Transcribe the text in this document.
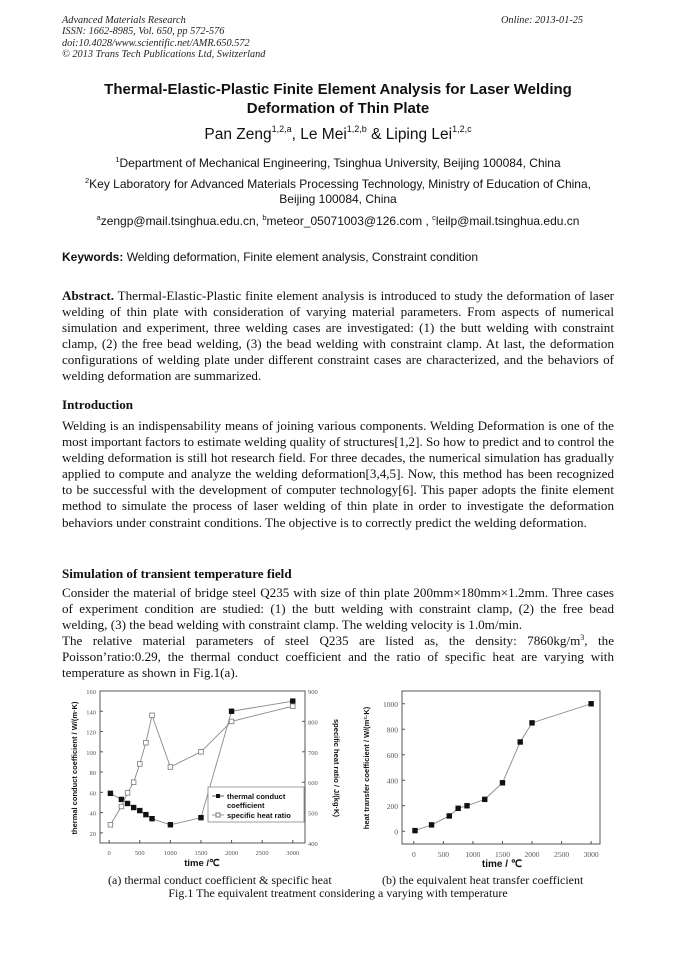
Advanced Materials Research
ISSN: 1662-8985, Vol. 650, pp 572-576
doi:10.4028/www.scientific.net/AMR.650.572
© 2013 Trans Tech Publications Ltd, Switzerland
Online: 2013-01-25
Thermal-Elastic-Plastic Finite Element Analysis for Laser Welding
Deformation of Thin Plate
Pan Zeng$^{1,2,a}$, Le Mei$^{1,2,b}$ & Liping Lei$^{1,2,c}$
$^1$Department of Mechanical Engineering, Tsinghua University, Beijing 100084, China
$^2$Key Laboratory for Advanced Materials Processing Technology, Ministry of Education of China,
Beijing 100084, China
$^a$zengp@mail.tsinghua.edu.cn, $^b$meteor_05071003@126.com , $^c$leilp@mail.tsinghua.edu.cn
Keywords: Welding deformation, Finite element analysis, Constraint condition
Abstract. Thermal-Elastic-Plastic finite element analysis is introduced to study the deformation of laser welding of thin plate with consideration of varying material parameters. From aspects of numerical simulation and experiment, three welding cases are investigated: (1) the butt welding with constraint clamp, (2) the free bead welding, (3) the bead welding with constraint clamp. At last, the deformation configurations of welding plate under different constraint cases are characterized, and the behaviors of welding deformation are summarized.
Introduction
Welding is an indispensability means of joining various components. Welding Deformation is one of the most important factors to estimate welding quality of structures[1,2]. So how to predict and to control the welding deformation is still hot research field. For three decades, the numerical simulation has gradually applied to compute and analyze the welding deformation[3,4,5]. Now, this method has been recognized to be successful with the development of computer technology[6]. This paper adopts the finite element method to simulate the process of laser welding of thin plate in order to investigate the deformation behaviors under constraint conditions. The objective is to correctly predict the welding deformation.
Simulation of transient temperature field
Consider the material of bridge steel Q235 with size of thin plate 200mm×180mm×1.2mm. Three cases of experiment condition are studied: (1) the butt welding with constraint clamp, (2) the free bead welding, (3) the bead welding with constraint clamp. The welding velocity is 1.0m/min.
The relative material parameters of steel Q235 are listed as, the density: $7860kg/m^3$, the Poisson’ratio:0.29, the thermal conduct coefficient and the ratio of specific heat are varying with temperature as shown in Fig.1(a).
0	500	1000	1500	2000	2500	3000
20
40
60
80
100
120
140
160
400
500
600
700
800
900
thermal conduct coefficient / W/(m·K)	specific heat ratio / J/(kg·K)
time /℃
thermal conduct
coefficient
specific heat ratio
0	500 1000 1500 2000 2500 3000
0
200
400
600
800
1000
heat transfer coefficient / W/(m²·K)
time / ℃
(a) thermal conduct coefficient & specific heat	(b) the equivalent heat transfer coefficient
Fig.1 The equivalent treatment considering a varying with temperature
